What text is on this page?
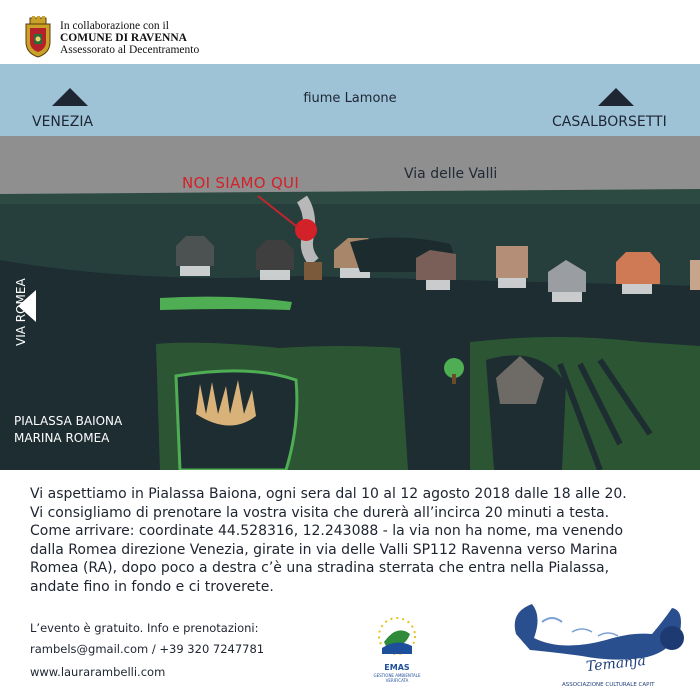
In collaborazione con il
COMUNE DI RAVENNA
Assessorato al Decentramento
fiume Lamone
VENEZIA	CASALBORSETTI
Via delle Valli
NOI SIAMO QUI
VIA ROMEA
PIALASSA BAIONA
MARINA ROMEA
Vi aspettiamo in Pialassa Baiona, ogni sera dal 10 al 12 agosto 2018 dalle 18 alle 20.
Vi consigliamo di prenotare la vostra visita che durerà all’incirca 20 minuti a testa.
Come arrivare: coordinate 44.528316, 12.243088 - la via non ha nome, ma venendo
dalla Romea direzione Venezia, girate in via delle Valli SP112 Ravenna verso Marina
Romea (RA), dopo poco a destra c’è una stradina sterrata che entra nella Pialassa,
andate fino in fondo e ci troverete.
L’evento è gratuito. Info e prenotazioni:
rambels@gmail.com / +39 320 7247781
www.laurarambelli.com	EMAS
GESTIONE AMBIENTALE
VERIFICATA
Temanja
ASSOCIAZIONE CULTURALE CAPIT
